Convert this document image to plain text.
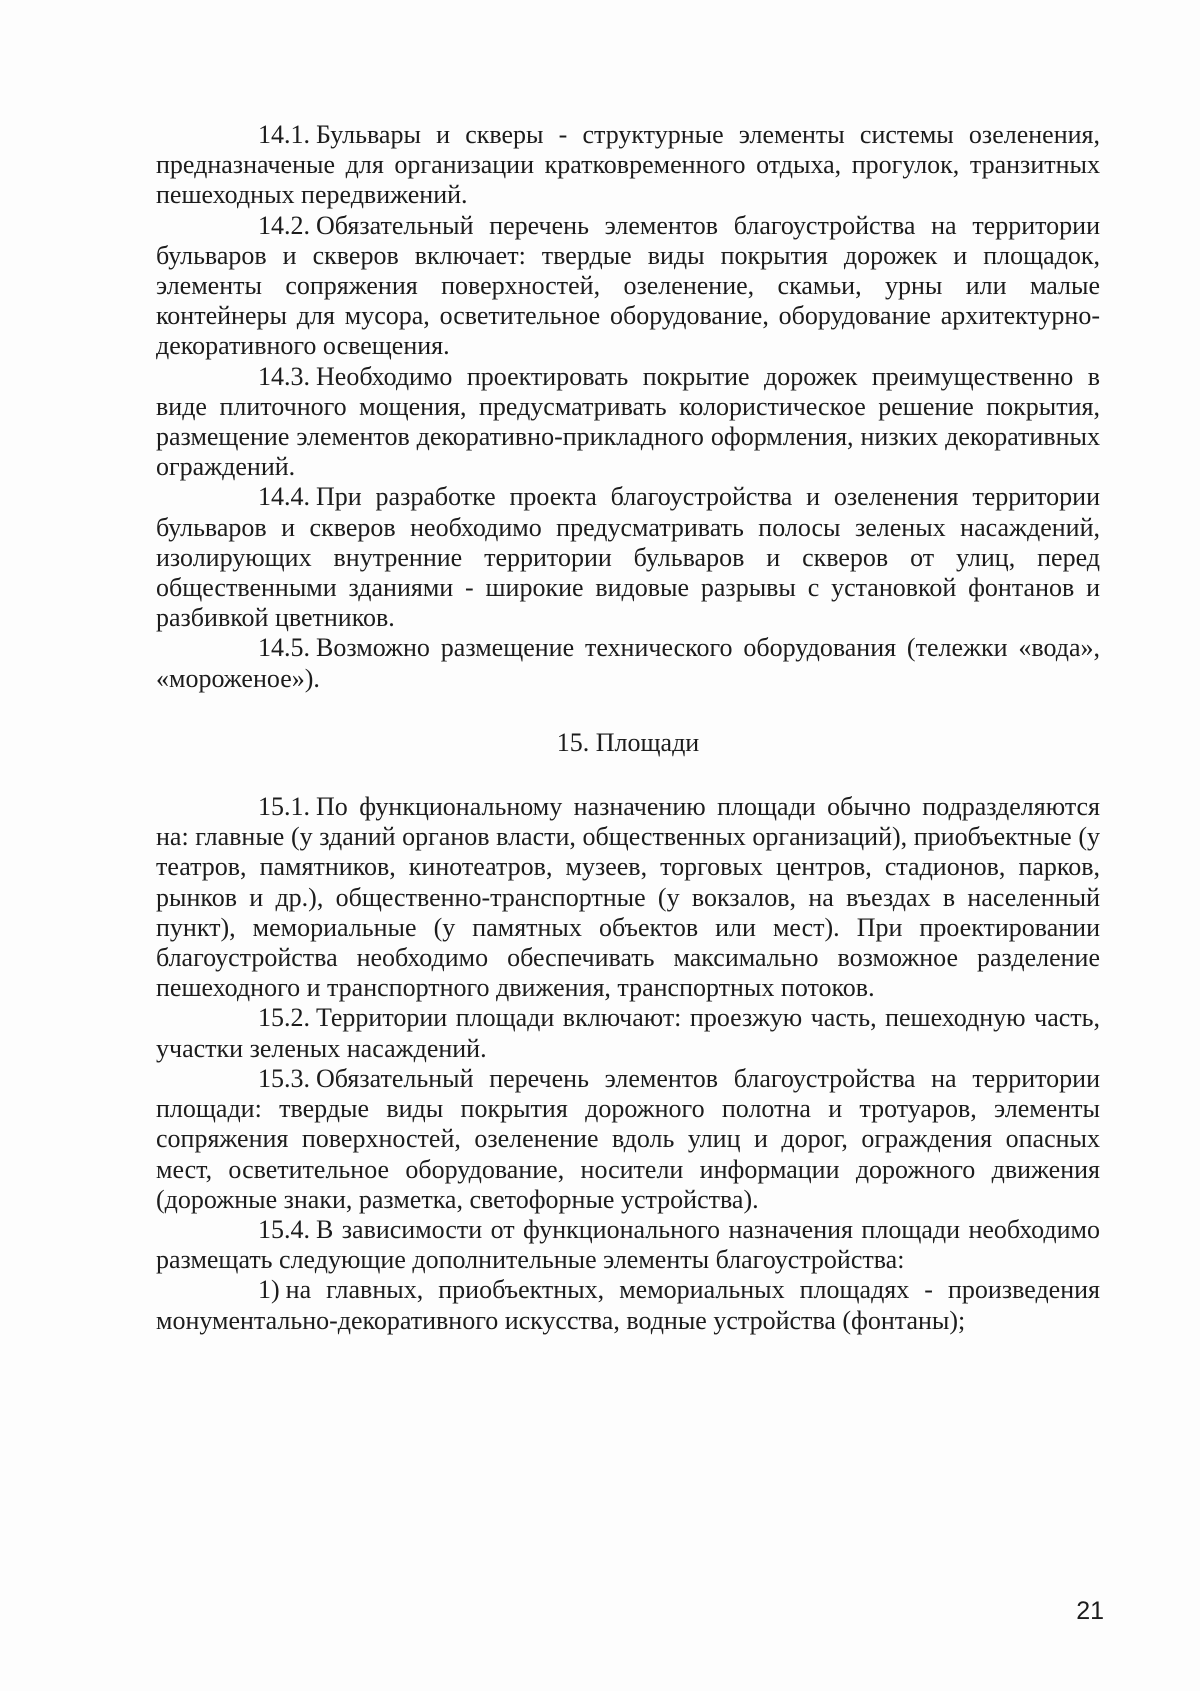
14.1. Бульвары и скверы - структурные элементы системы озеленения, предназначеные для организации кратковременного отдыха, прогулок, транзитных пешеходных передвижений.

14.2. Обязательный перечень элементов благоустройства на территории бульваров и скверов включает: твердые виды покрытия дорожек и площадок, элементы сопряжения поверхностей, озеленение, скамьи, урны или малые контейнеры для мусора, осветительное оборудование, оборудование архитектурно-декоративного освещения.

14.3. Необходимо проектировать покрытие дорожек преимущественно в виде плиточного мощения, предусматривать колористическое решение покрытия, размещение элементов декоративно-прикладного оформления, низких декоративных ограждений.

14.4. При разработке проекта благоустройства и озеленения территории бульваров и скверов необходимо предусматривать полосы зеленых насаждений, изолирующих внутренние территории бульваров и скверов от улиц, перед общественными зданиями - широкие видовые разрывы с установкой фонтанов и разбивкой цветников.

14.5. Возможно размещение технического оборудования (тележки «вода», «мороженое»).

15. Площади

15.1. По функциональному назначению площади обычно подразделяются на: главные (у зданий органов власти, общественных организаций), приобъектные (у театров, памятников, кинотеатров, музеев, торговых центров, стадионов, парков, рынков и др.), общественно-транспортные (у вокзалов, на въездах в населенный пункт), мемориальные (у памятных объектов или мест). При проектировании благоустройства необходимо обеспечивать максимально возможное разделение пешеходного и транспортного движения, транспортных потоков.

15.2. Территории площади включают: проезжую часть, пешеходную часть, участки зеленых насаждений.

15.3. Обязательный перечень элементов благоустройства на территории площади: твердые виды покрытия дорожного полотна и тротуаров, элементы сопряжения поверхностей, озеленение вдоль улиц и дорог, ограждения опасных мест, осветительное оборудование, носители информации дорожного движения (дорожные знаки, разметка, светофорные устройства).

15.4. В зависимости от функционального назначения площади необходимо размещать следующие дополнительные элементы благоустройства:

1) на главных, приобъектных, мемориальных площадях - произведения монументально-декоративного искусства, водные устройства (фонтаны);

21
